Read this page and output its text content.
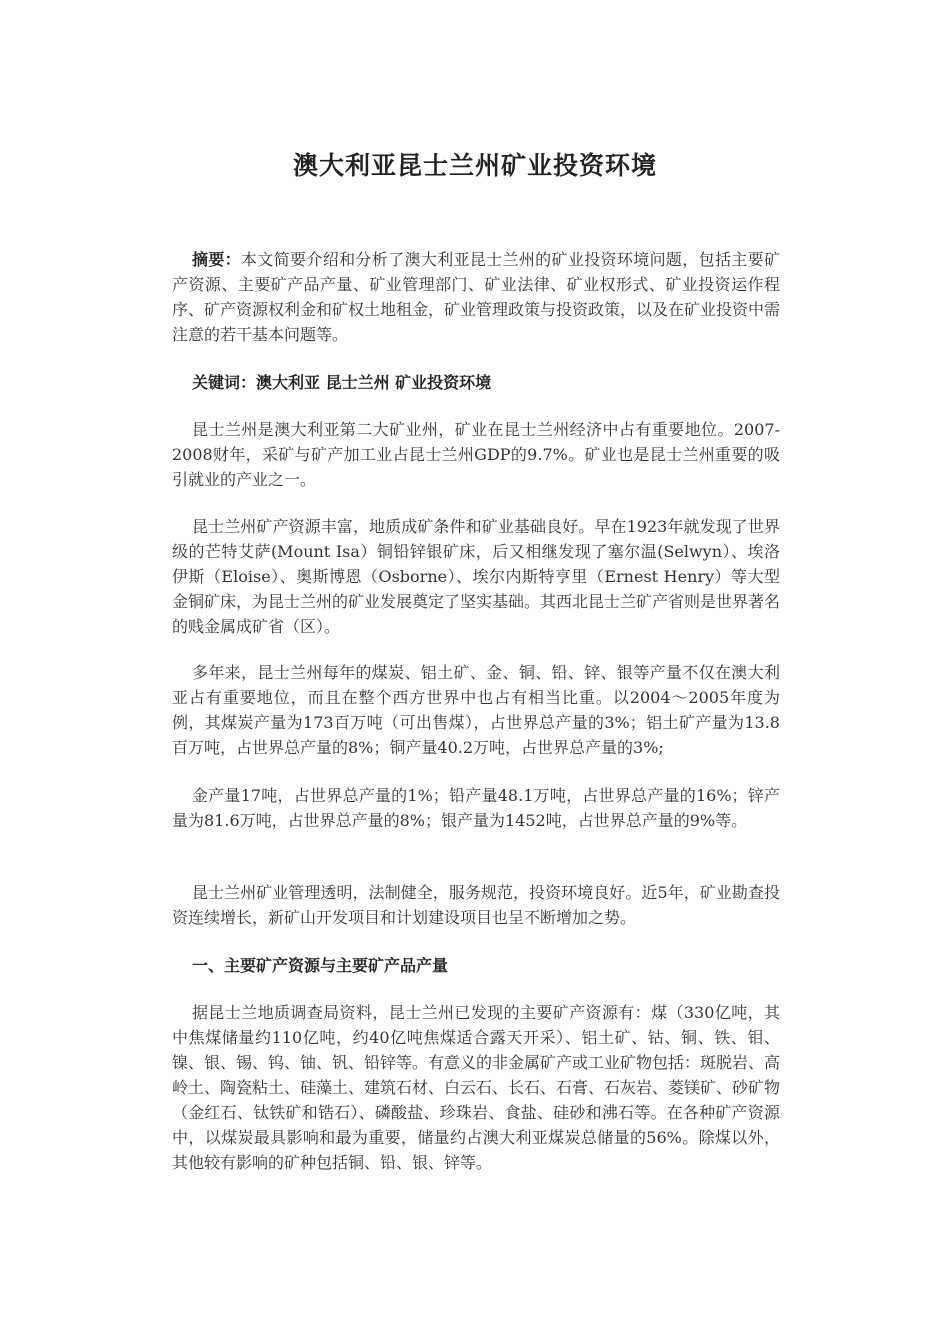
澳大利亚昆士兰州矿业投资环境
摘要：本文简要介绍和分析了澳大利亚昆士兰州的矿业投资环境问题，包括主要矿产资源、主要矿产品产量、矿业管理部门、矿业法律、矿业权形式、矿业投资运作程序、矿产资源权利金和矿权土地租金，矿业管理政策与投资政策，以及在矿业投资中需注意的若干基本问题等。
关键词：澳大利亚 昆士兰州 矿业投资环境
昆士兰州是澳大利亚第二大矿业州，矿业在昆士兰州经济中占有重要地位。2007-2008财年，采矿与矿产加工业占昆士兰州GDP的9.7%。矿业也是昆士兰州重要的吸引就业的产业之一。
昆士兰州矿产资源丰富，地质成矿条件和矿业基础良好。早在1923年就发现了世界级的芒特艾萨(Mount Isa）铜铅锌银矿床，后又相继发现了塞尔温(Selwyn）、埃洛伊斯（Eloise）、奥斯博恩（Osborne）、埃尔内斯特亨里（Ernest Henry）等大型金铜矿床，为昆士兰州的矿业发展奠定了坚实基础。其西北昆士兰矿产省则是世界著名的贱金属成矿省（区）。
多年来，昆士兰州每年的煤炭、铝土矿、金、铜、铅、锌、银等产量不仅在澳大利亚占有重要地位，而且在整个西方世界中也占有相当比重。以2004～2005年度为例，其煤炭产量为173百万吨（可出售煤），占世界总产量的3%；铝土矿产量为13.8百万吨，占世界总产量的8%；铜产量40.2万吨，占世界总产量的3%;
金产量17吨，占世界总产量的1%；铅产量48.1万吨，占世界总产量的16%；锌产量为81.6万吨，占世界总产量的8%；银产量为1452吨，占世界总产量的9%等。
昆士兰州矿业管理透明，法制健全，服务规范，投资环境良好。近5年，矿业勘查投资连续增长，新矿山开发项目和计划建设项目也呈不断增加之势。
一、主要矿产资源与主要矿产品产量
据昆士兰地质调查局资料，昆士兰州已发现的主要矿产资源有：煤（330亿吨，其中焦煤储量约110亿吨，约40亿吨焦煤适合露天开采）、铝土矿、钴、铜、铁、钼、镍、银、锡、钨、铀、钒、铅锌等。有意义的非金属矿产或工业矿物包括：斑脱岩、高岭土、陶瓷粘土、硅藻土、建筑石材、白云石、长石、石膏、石灰岩、菱镁矿、砂矿物（金红石、钛铁矿和锆石）、磷酸盐、珍珠岩、食盐、硅砂和沸石等。在各种矿产资源中，以煤炭最具影响和最为重要，储量约占澳大利亚煤炭总储量的56%。除煤以外，其他较有影响的矿种包括铜、铅、银、锌等。
